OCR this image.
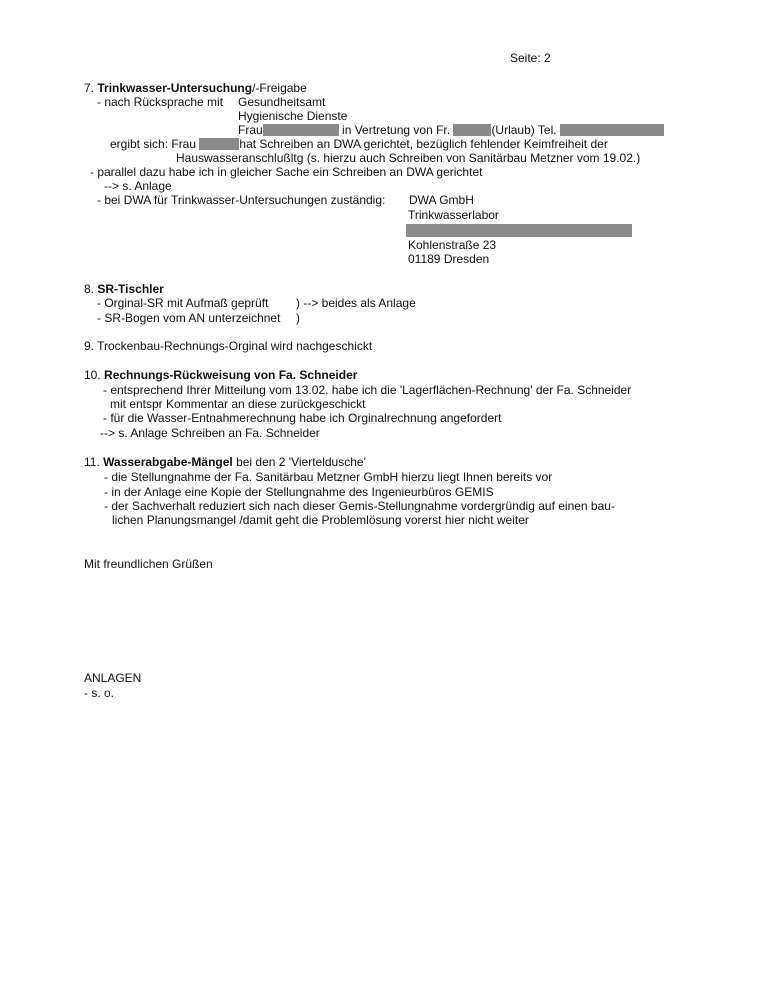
Seite: 2
7. Trinkwasser-Untersuchung/-Freigabe
- nach Rücksprache mit Gesundheitsamt
Hygienische Dienste
Frau	in Vertretung von Fr.	(Urlaub) Tel.
ergibt sich: Frau	hat Schreiben an DWA gerichtet, bezüglich fehlender Keimfreiheit der
Hauswasseranschlußltg (s. hierzu auch Schreiben von Sanitärbau Metzner vom 19.02.)
- parallel dazu habe ich in gleicher Sache ein Schreiben an DWA gerichtet
--> s. Anlage
- bei DWA für Trinkwasser-Untersuchungen zuständig: DWA GmbH
Trinkwasserlabor
Kohlenstraße 23
01189 Dresden
8. SR-Tischler
- Orginal-SR mit Aufmaß geprüft ) --> beides als Anlage
- SR-Bogen vom AN unterzeichnet )
9. Trockenbau-Rechnungs-Orginal wird nachgeschickt
10. Rechnungs-Rückweisung von Fa. Schneider
- entsprechend Ihrer Mitteilung vom 13.02. habe ich die 'Lagerflächen-Rechnung' der Fa. Schneider
mit entspr Kommentar an diese zurückgeschickt
- für die Wasser-Entnahmerechnung habe ich Orginalrechnung angefordert
--> s. Anlage Schreiben an Fa. Schneider
11. Wasserabgabe-Mängel bei den 2 'Vierteldusche'
- die Stellungnahme der Fa. Sanitärbau Metzner GmbH hierzu liegt Ihnen bereits vor
- in der Anlage eine Kopie der Stellungnahme des Ingenieurbüros GEMIS
- der Sachverhalt reduziert sich nach dieser Gemis-Stellungnahme vordergründig auf einen bau-
lichen Planungsmangel /damit geht die Problemlösung vorerst hier nicht weiter
Mit freundlichen Grüßen
ANLAGEN
- s. o.
